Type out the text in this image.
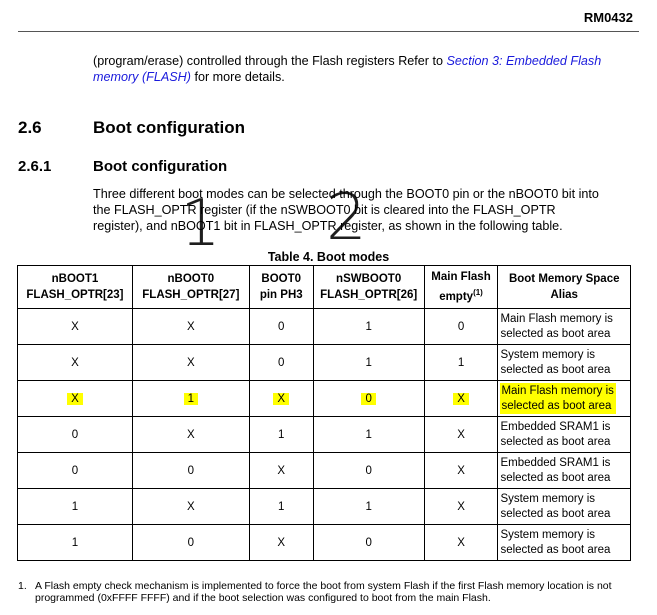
RM0432
(program/erase) controlled through the Flash registers Refer to Section 3: Embedded Flash memory (FLASH) for more details.
2.6	Boot configuration
2.6.1	Boot configuration
Three different boot modes can be selected through the BOOT0 pin or the nBOOT0 bit into
the FLASH_OPTR register (if the nSWBOOT0 bit is cleared into the FLASH_OPTR
register), and nBOOT1 bit in FLASH_OPTR register, as shown in the following table.
1 2
Table 4. Boot modes
nBOOT1
FLASH_OPTR[23]	nBOOT0
FLASH_OPTR[27]	BOOT0
pin PH3	nSWBOOT0
FLASH_OPTR[26]	Main Flash
empty$^{(1)}$	Boot Memory Space
Alias
X	X	0	1	0	Main Flash memory is
selected as boot area
X	X	0	1	1	System memory is
selected as boot area
X	1	X	0	X	Main Flash memory is
selected as boot area
0	X	1	1	X	Embedded SRAM1 is
selected as boot area
0	0	X	0	X	Embedded SRAM1 is
selected as boot area
1	X	1	1	X	System memory is
selected as boot area
1	0	X	0	X	System memory is
selected as boot area
1. A Flash empty check mechanism is implemented to force the boot from system Flash if the first Flash memory location is not programmed (0xFFFF FFFF) and if the boot selection was configured to boot from the main Flash.
